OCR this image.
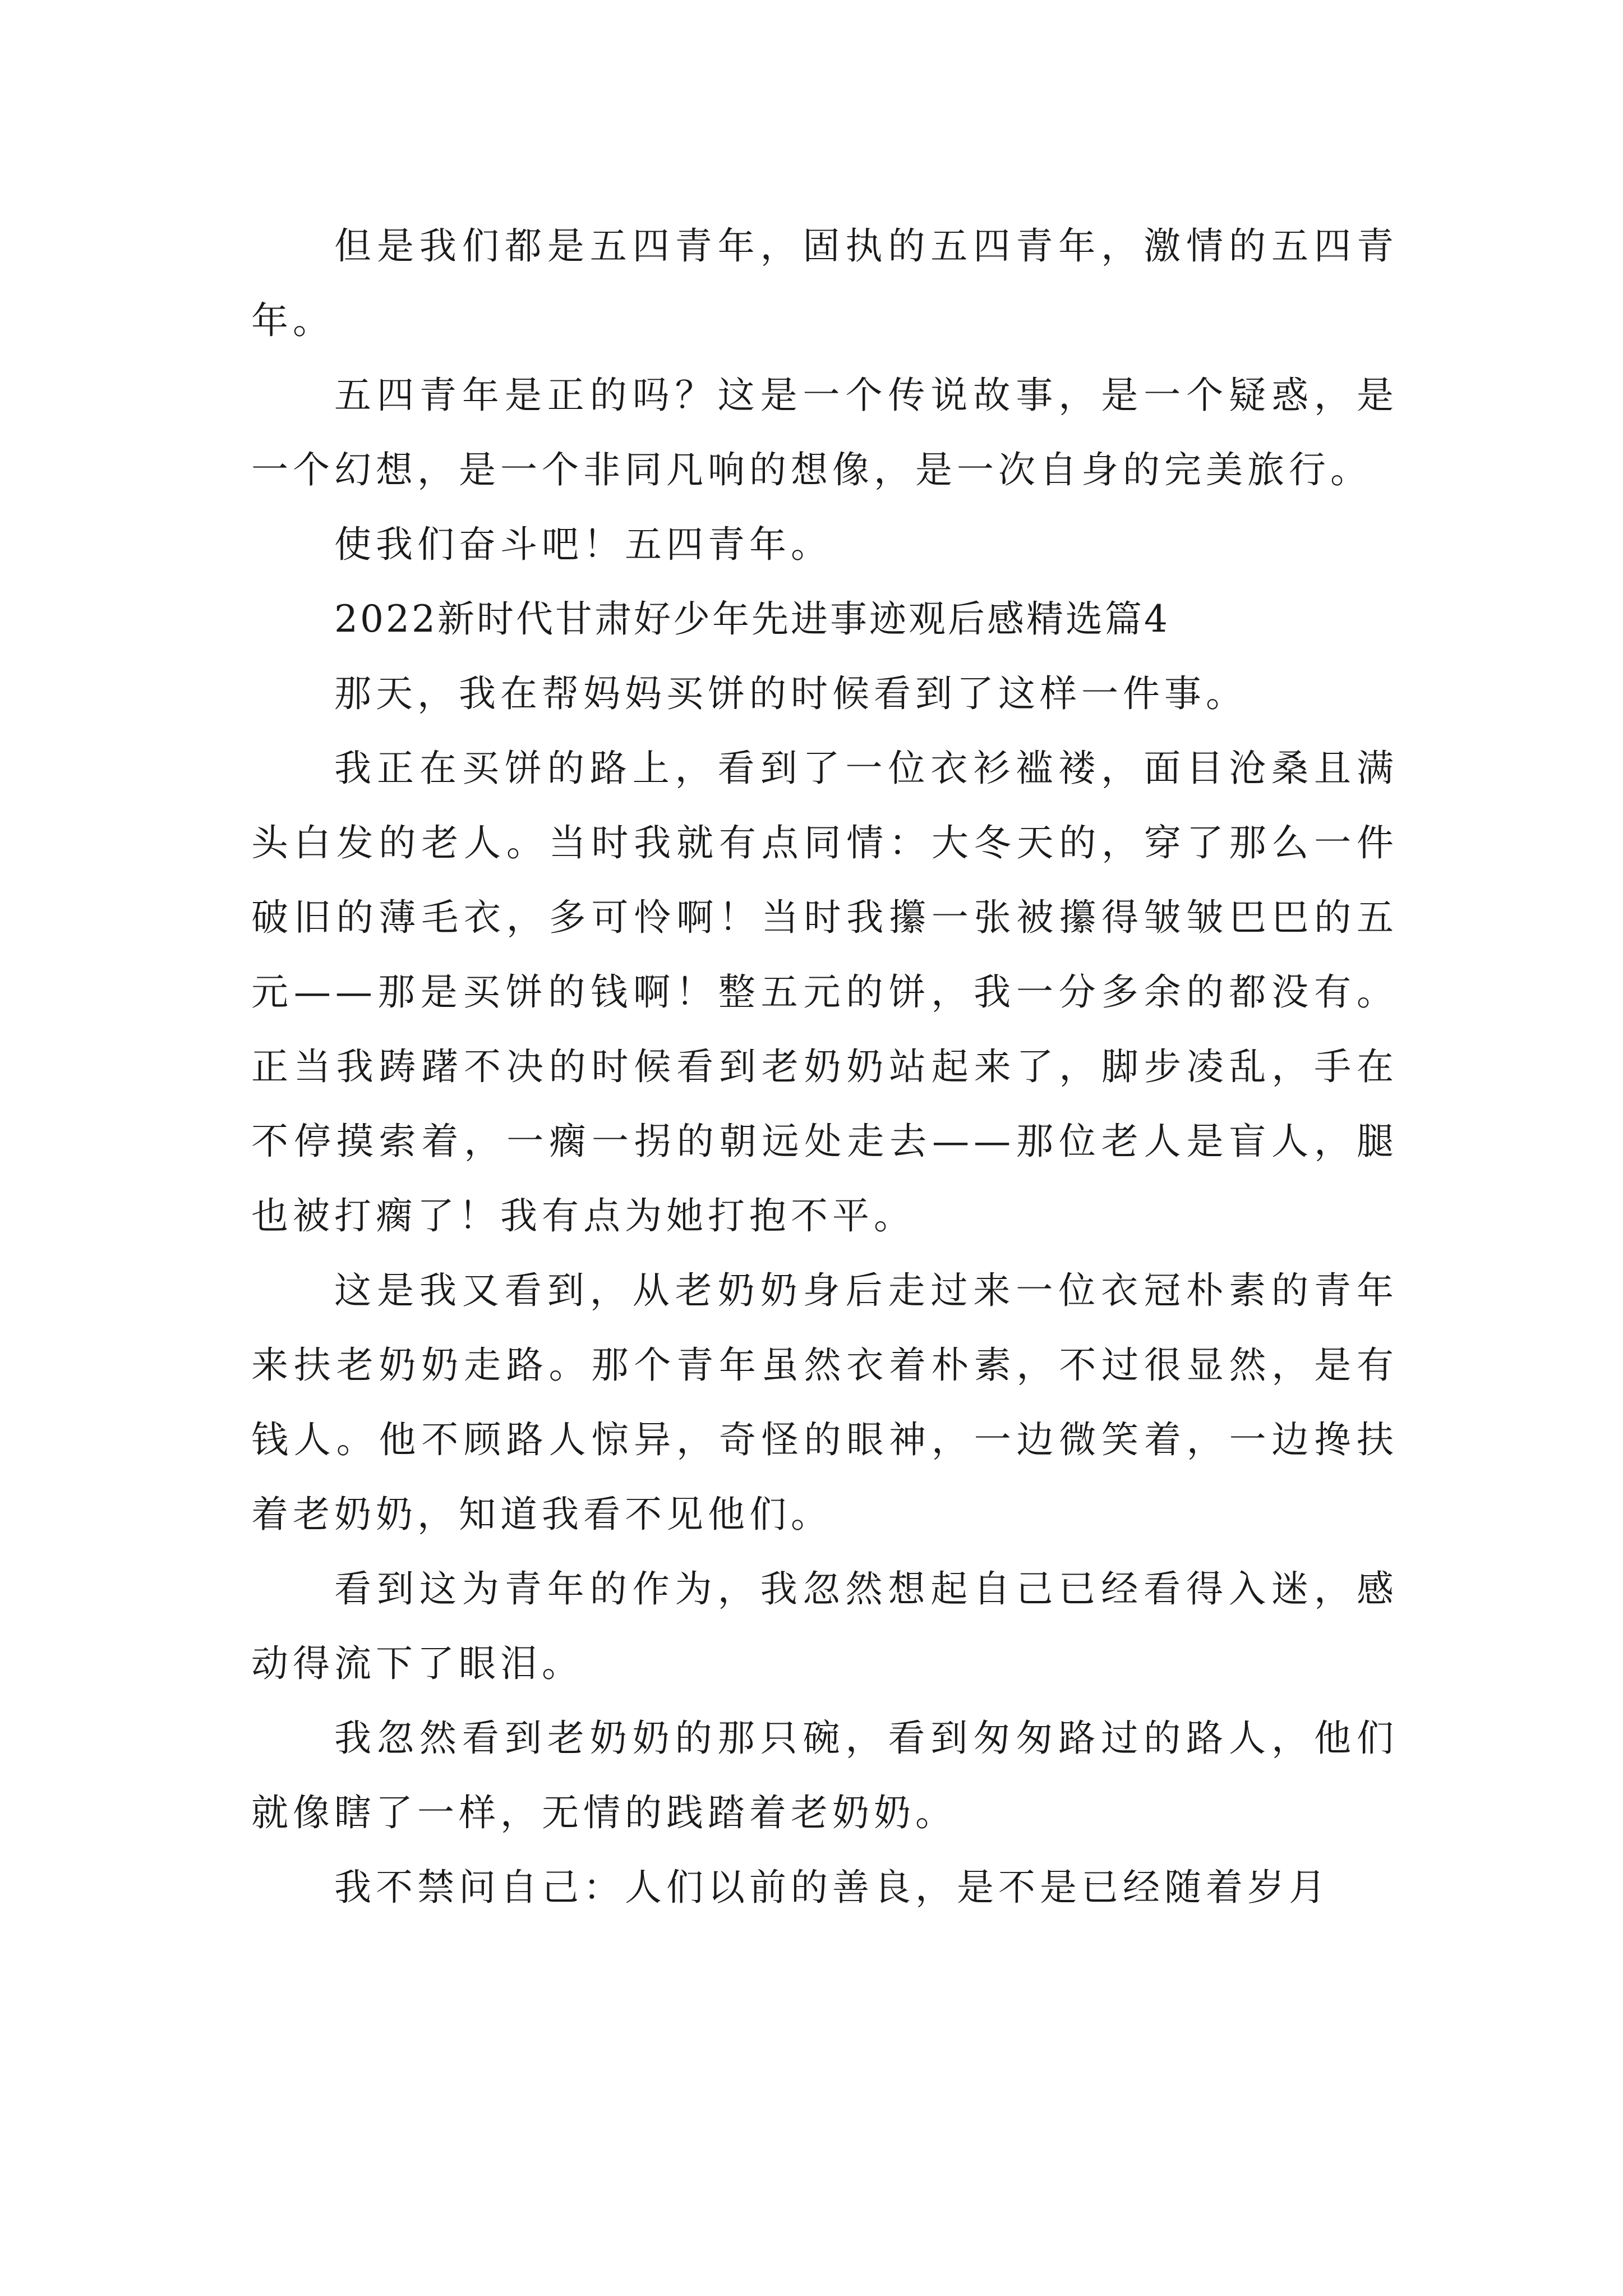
但是我们都是五四青年，固执的五四青年，激情的五四青年。

五四青年是正的吗？这是一个传说故事，是一个疑惑，是一个幻想，是一个非同凡响的想像，是一次自身的完美旅行。

使我们奋斗吧！五四青年。

2022新时代甘肃好少年先进事迹观后感精选篇4

那天，我在帮妈妈买饼的时候看到了这样一件事。

我正在买饼的路上，看到了一位衣衫褴褛，面目沧桑且满头白发的老人。当时我就有点同情：大冬天的，穿了那么一件破旧的薄毛衣，多可怜啊！当时我攥一张被攥得皱皱巴巴的五元——那是买饼的钱啊！整五元的饼，我一分多余的都没有。正当我踌躇不决的时候看到老奶奶站起来了，脚步凌乱，手在不停摸索着，一瘸一拐的朝远处走去——那位老人是盲人，腿也被打瘸了！我有点为她打抱不平。

这是我又看到，从老奶奶身后走过来一位衣冠朴素的青年来扶老奶奶走路。那个青年虽然衣着朴素，不过很显然，是有钱人。他不顾路人惊异，奇怪的眼神，一边微笑着，一边搀扶着老奶奶，知道我看不见他们。

看到这为青年的作为，我忽然想起自己已经看得入迷，感动得流下了眼泪。

我忽然看到老奶奶的那只碗，看到匆匆路过的路人，他们就像瞎了一样，无情的践踏着老奶奶。

我不禁问自己：人们以前的善良，是不是已经随着岁月
